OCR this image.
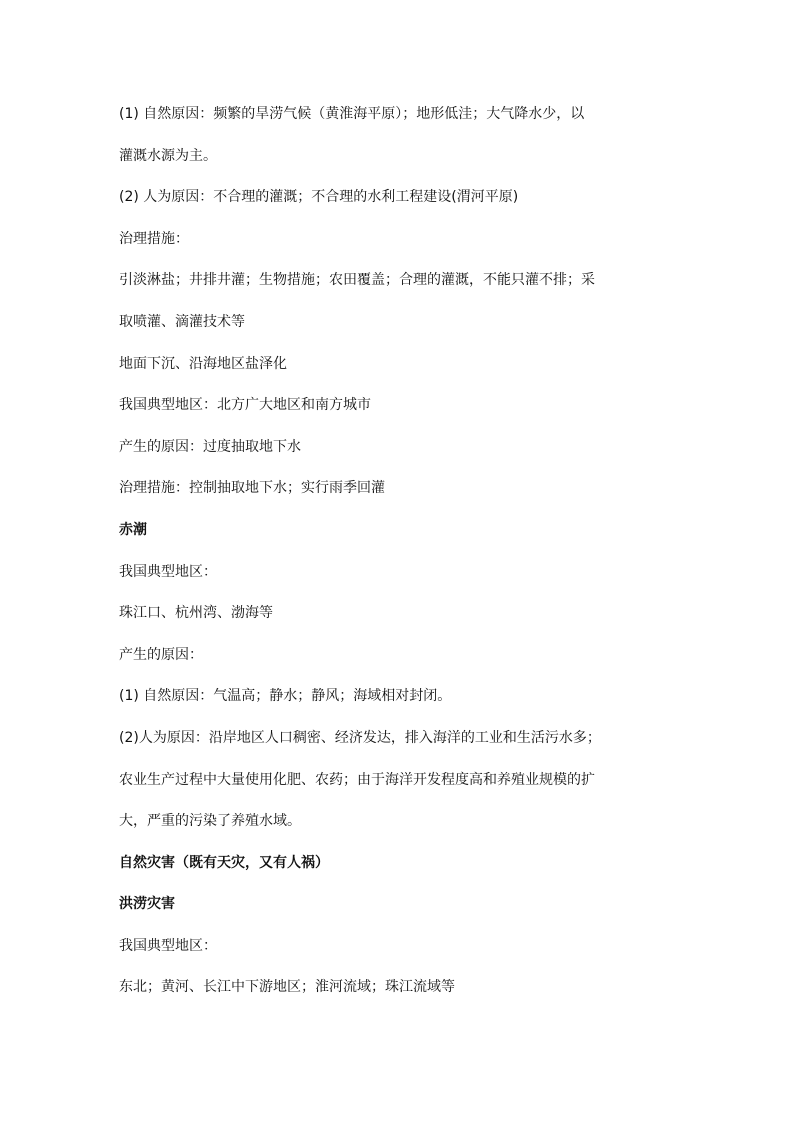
(1) 自然原因：频繁的旱涝气候（黄淮海平原）；地形低洼；大气降水少，以
灌溉水源为主。
(2) 人为原因：不合理的灌溉；不合理的水利工程建设(渭河平原)
治理措施：
引淡淋盐；井排井灌；生物措施；农田覆盖；合理的灌溉，不能只灌不排；采
取喷灌、滴灌技术等
地面下沉、沿海地区盐泽化
我国典型地区：北方广大地区和南方城市
产生的原因：过度抽取地下水
治理措施：控制抽取地下水；实行雨季回灌
赤潮
我国典型地区：
珠江口、杭州湾、渤海等
产生的原因：
(1) 自然原因：气温高；静水；静风；海域相对封闭。
(2)人为原因：沿岸地区人口稠密、经济发达，排入海洋的工业和生活污水多；
农业生产过程中大量使用化肥、农药；由于海洋开发程度高和养殖业规模的扩
大，严重的污染了养殖水域。
自然灾害（既有天灾，又有人祸）
洪涝灾害
我国典型地区：
东北；黄河、长江中下游地区；淮河流域；珠江流域等
